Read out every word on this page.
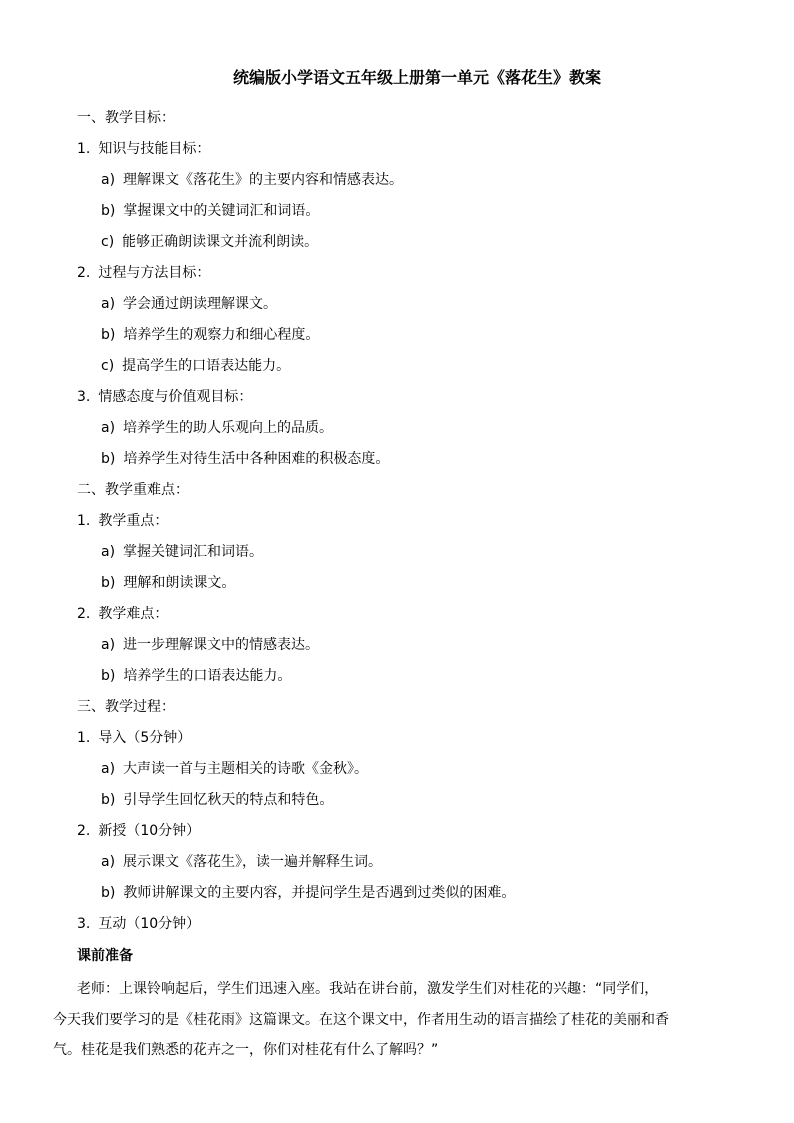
统编版小学语文五年级上册第一单元《落花生》教案
一、教学目标：
1. 知识与技能目标：
a) 理解课文《落花生》的主要内容和情感表达。
b) 掌握课文中的关键词汇和词语。
c) 能够正确朗读课文并流利朗读。
2. 过程与方法目标：
a) 学会通过朗读理解课文。
b) 培养学生的观察力和细心程度。
c) 提高学生的口语表达能力。
3. 情感态度与价值观目标：
a) 培养学生的助人乐观向上的品质。
b) 培养学生对待生活中各种困难的积极态度。
二、教学重难点：
1. 教学重点：
a) 掌握关键词汇和词语。
b) 理解和朗读课文。
2. 教学难点：
a) 进一步理解课文中的情感表达。
b) 培养学生的口语表达能力。
三、教学过程：
1. 导入（5分钟）
a) 大声读一首与主题相关的诗歌《金秋》。
b) 引导学生回忆秋天的特点和特色。
2. 新授（10分钟）
a) 展示课文《落花生》，读一遍并解释生词。
b) 教师讲解课文的主要内容，并提问学生是否遇到过类似的困难。
3. 互动（10分钟）
课前准备
老师：上课铃响起后，学生们迅速入座。我站在讲台前，激发学生们对桂花的兴趣：“同学们，
今天我们要学习的是《桂花雨》这篇课文。在这个课文中，作者用生动的语言描绘了桂花的美丽和香
气。桂花是我们熟悉的花卉之一，你们对桂花有什么了解吗？”
